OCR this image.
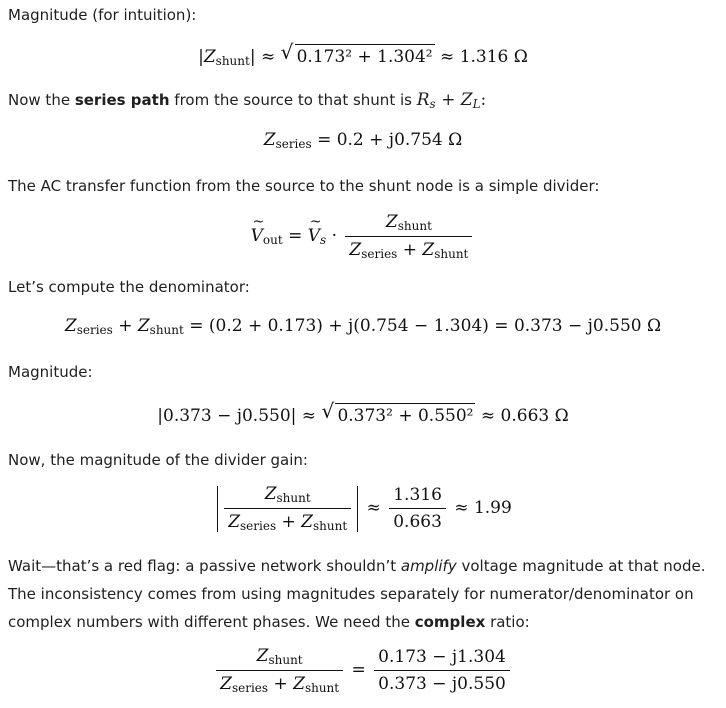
Magnitude (for intuition):
$|Z_{shunt}|$ ≈ √ 0.173² + 1.304² ≈ 1.316 Ω
Now the series path from the source to that shunt is $R_s + Z_L$:
$Z_{series} = 0.2 + j0.754$ Ω
The AC transfer function from the source to the shunt node is a simple divider:
~ $V_{out}$ = ~ $V_s \cdot \frac{Z_{shunt}}{Z_{series} + Z_{shunt}}$
Let’s compute the denominator:
$Z_{series} + Z_{shunt} = (0.2 + 0.173) + j(0.754 - 1.304) = 0.373 - j0.550$ Ω
Magnitude:
|0.373 − j0.550| ≈ √ 0.373² + 0.550² ≈ 0.663 Ω
Now, the magnitude of the divider gain:
$\frac{Z_{shunt}}{Z_{series} + Z_{shunt}} \approx \frac{1.316}{0.663} \approx 1.99$
Wait—that’s a red flag: a passive network shouldn’t amplify voltage magnitude at that node. The inconsistency comes from using magnitudes separately for numerator/denominator on complex numbers with different phases. We need the complex ratio:
$\frac{Z_{shunt}}{Z_{series} + Z_{shunt}} = \frac{0.173 - j1.304}{0.373 - j0.550}$
